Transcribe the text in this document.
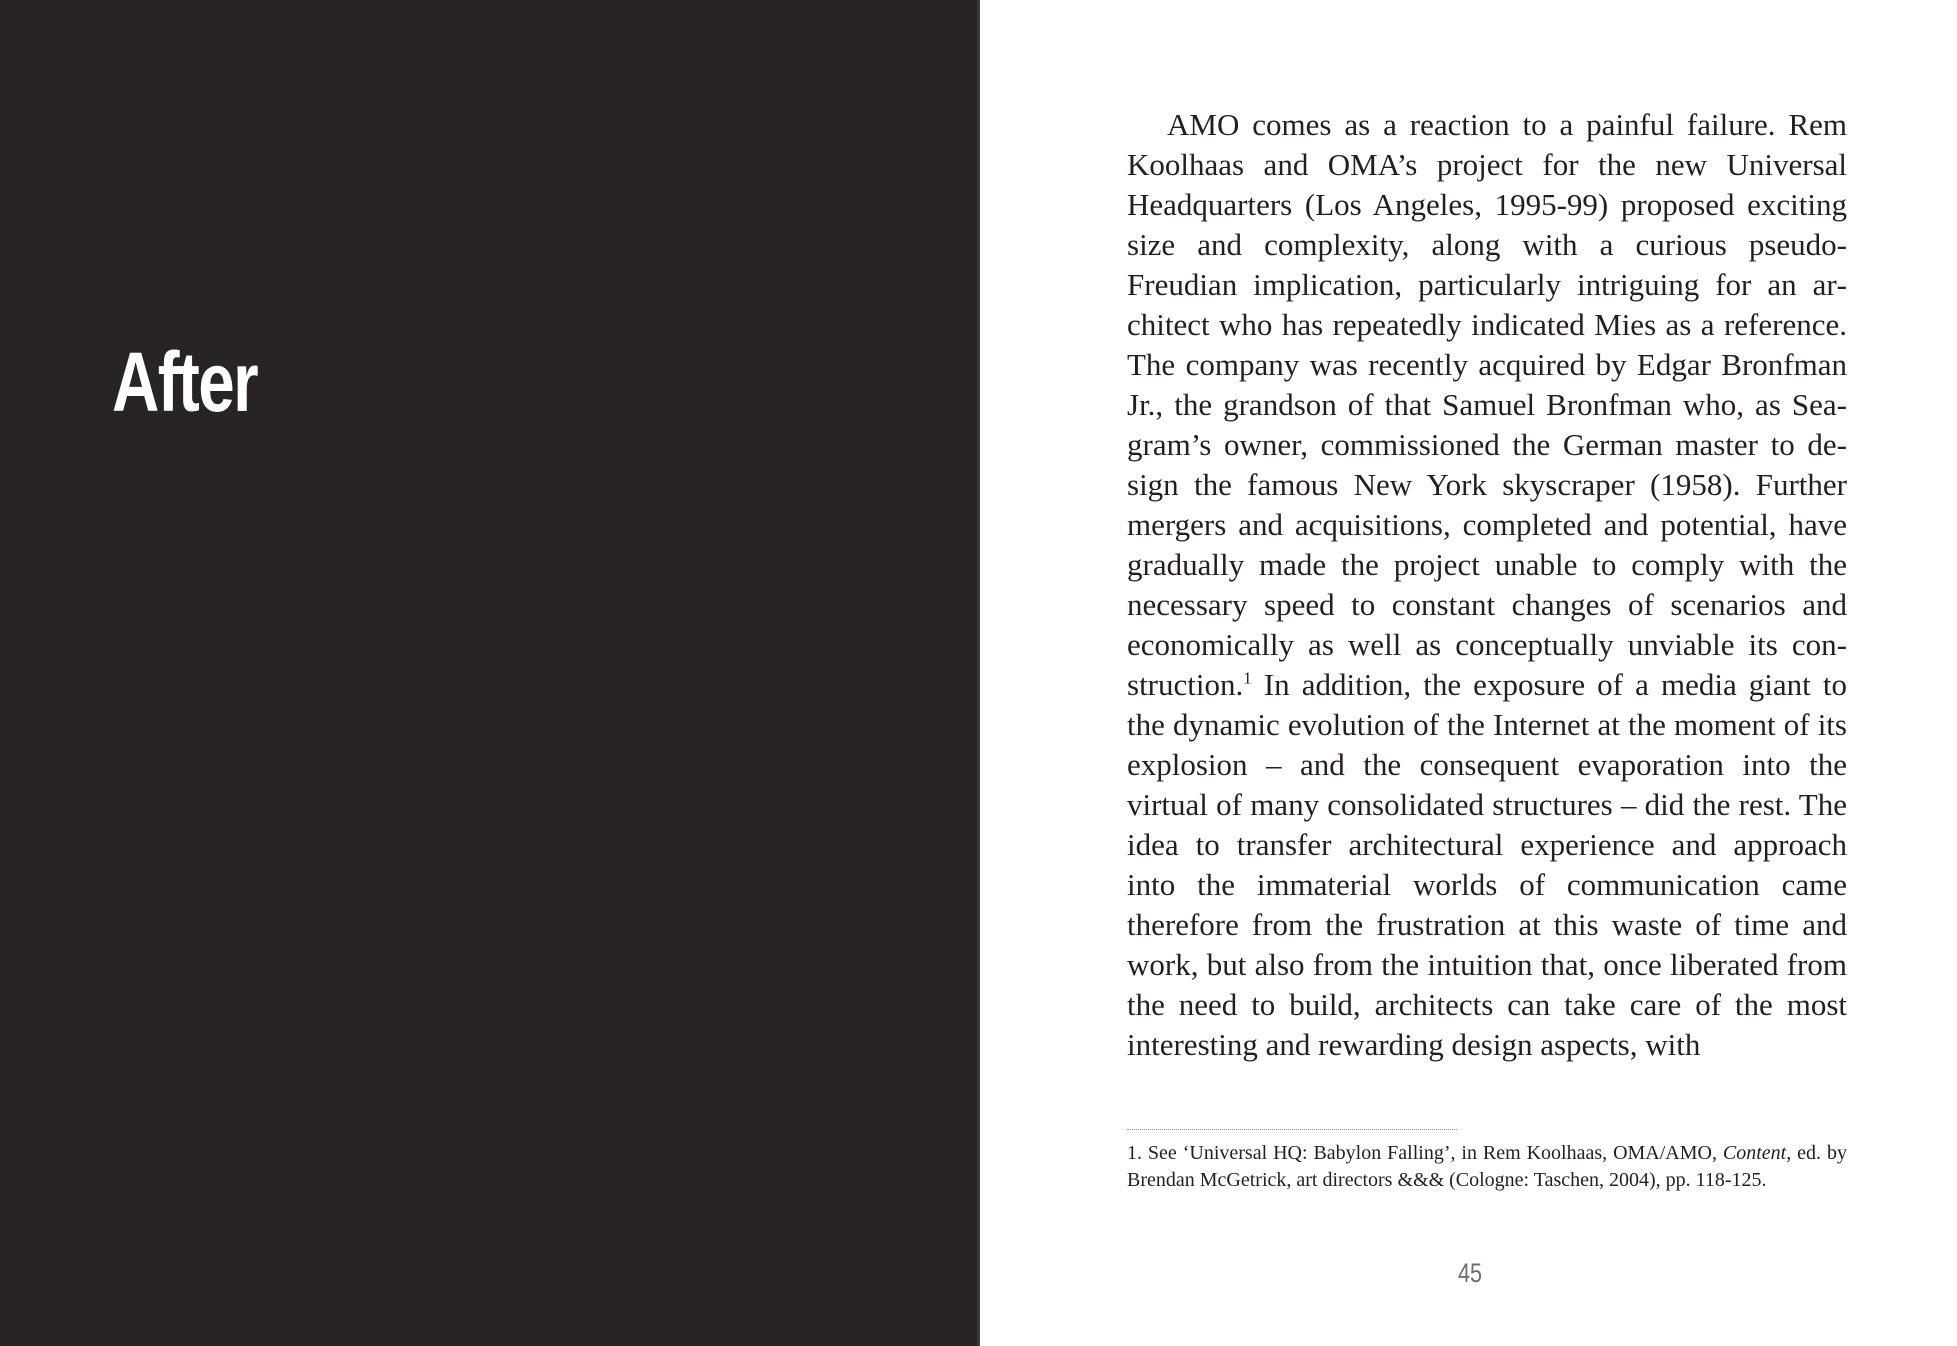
After

AMO comes as a reaction to a painful failure. Rem Koolhaas and OMA’s project for the new Universal Headquarters (Los Angeles, 1995-99) proposed exciting size and complexity, along with a curious pseudo-Freudian implication, particularly intriguing for an architect who has repeatedly indicated Mies as a reference. The company was recently acquired by Edgar Bronfman Jr., the grandson of that Samuel Bronfman who, as Seagram’s owner, commissioned the German master to design the famous New York skyscraper (1958). Further mergers and acquisitions, completed and potential, have gradually made the project unable to comply with the necessary speed to constant changes of scenarios and economically as well as conceptually unviable its construction.$^1$ In addition, the exposure of a media giant to the dynamic evolution of the Internet at the moment of its explosion – and the consequent evaporation into the virtual of many consolidated structures – did the rest. The idea to transfer architectural experience and approach into the immaterial worlds of communication came therefore from the frustration at this waste of time and work, but also from the intuition that, once liberated from the need to build, architects can take care of the most interesting and rewarding design aspects, with

1. See ‘Universal HQ: Babylon Falling’, in Rem Koolhaas, OMA/AMO, Content, ed. by Brendan McGetrick, art directors &&& (Cologne: Taschen, 2004), pp. 118-125.

45
